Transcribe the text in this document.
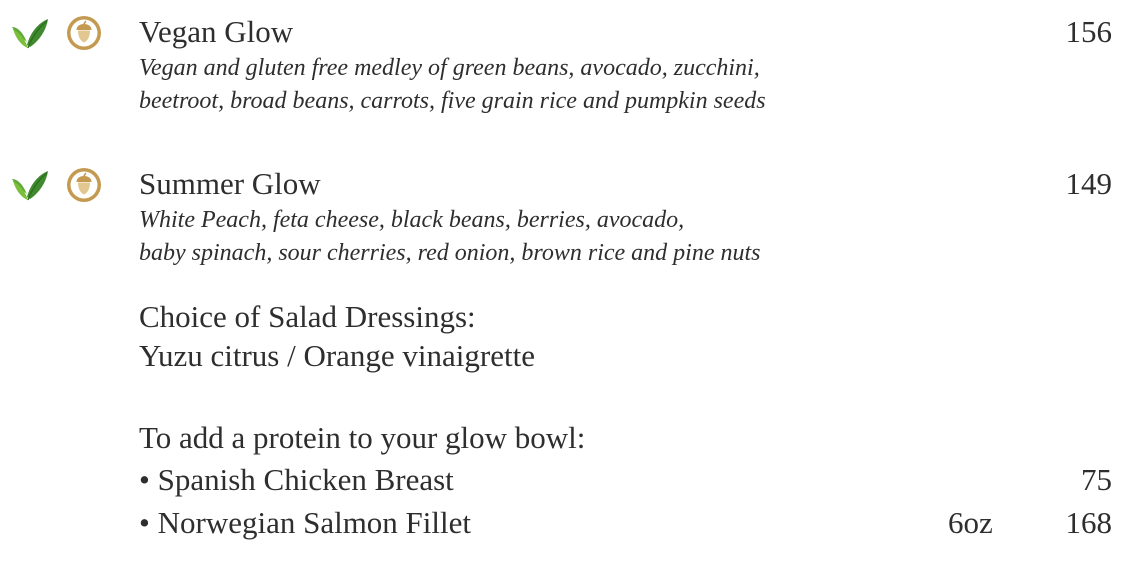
Vegan Glow	156
Vegan and gluten free medley of green beans, avocado, zucchini,
beetroot, broad beans, carrots, five grain rice and pumpkin seeds
Summer Glow	149
White Peach, feta cheese, black beans, berries, avocado,
baby spinach, sour cherries, red onion, brown rice and pine nuts
Choice of Salad Dressings:
Yuzu citrus / Orange vinaigrette
To add a protein to your glow bowl:
• Spanish Chicken Breast	75
• Norwegian Salmon Fillet	6oz 168
